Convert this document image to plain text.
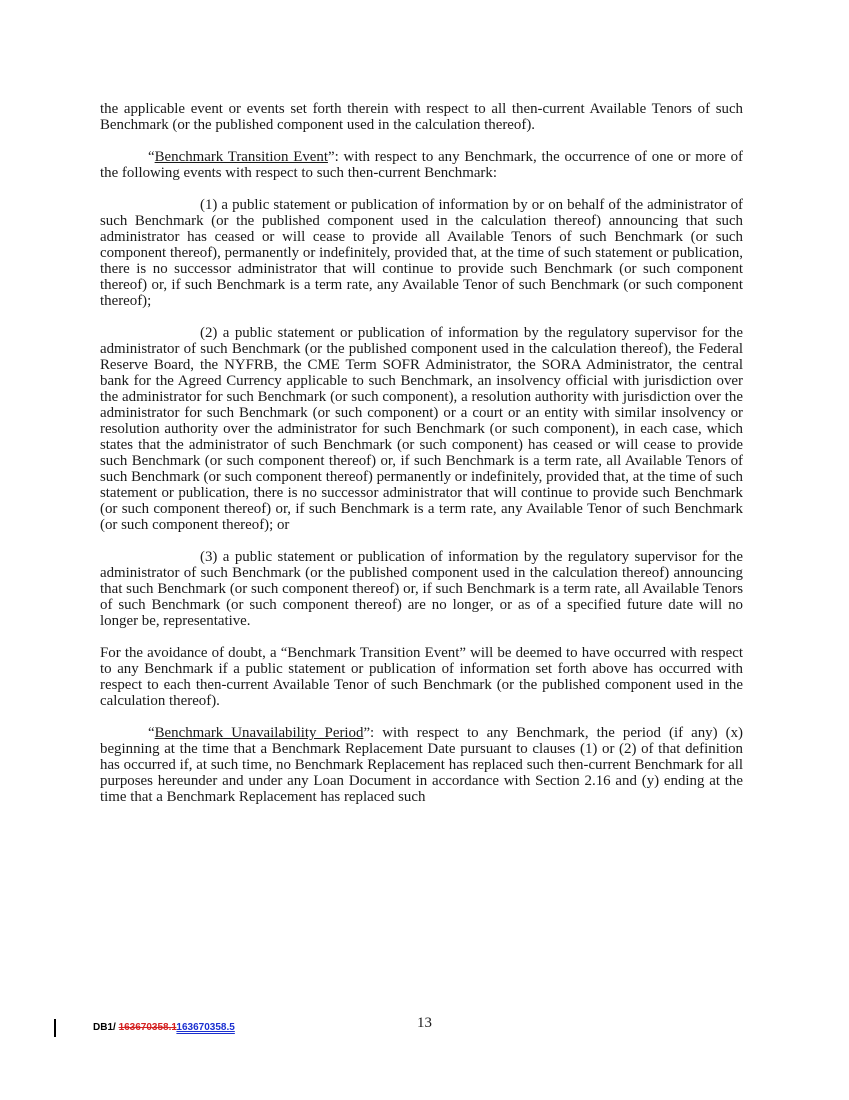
the applicable event or events set forth therein with respect to all then-current Available Tenors of such Benchmark (or the published component used in the calculation thereof).

“Benchmark Transition Event”: with respect to any Benchmark, the occurrence of one or more of the following events with respect to such then-current Benchmark:

(1) a public statement or publication of information by or on behalf of the administrator of such Benchmark (or the published component used in the calculation thereof) announcing that such administrator has ceased or will cease to provide all Available Tenors of such Benchmark (or such component thereof), permanently or indefinitely, provided that, at the time of such statement or publication, there is no successor administrator that will continue to provide such Benchmark (or such component thereof) or, if such Benchmark is a term rate, any Available Tenor of such Benchmark (or such component thereof);

(2) a public statement or publication of information by the regulatory supervisor for the administrator of such Benchmark (or the published component used in the calculation thereof), the Federal Reserve Board, the NYFRB, the CME Term SOFR Administrator, the SORA Administrator, the central bank for the Agreed Currency applicable to such Benchmark, an insolvency official with jurisdiction over the administrator for such Benchmark (or such component), a resolution authority with jurisdiction over the administrator for such Benchmark (or such component) or a court or an entity with similar insolvency or resolution authority over the administrator for such Benchmark (or such component), in each case, which states that the administrator of such Benchmark (or such component) has ceased or will cease to provide such Benchmark (or such component thereof) or, if such Benchmark is a term rate, all Available Tenors of such Benchmark (or such component thereof) permanently or indefinitely, provided that, at the time of such statement or publication, there is no successor administrator that will continue to provide such Benchmark (or such component thereof) or, if such Benchmark is a term rate, any Available Tenor of such Benchmark (or such component thereof); or

(3) a public statement or publication of information by the regulatory supervisor for the administrator of such Benchmark (or the published component used in the calculation thereof) announcing that such Benchmark (or such component thereof) or, if such Benchmark is a term rate, all Available Tenors of such Benchmark (or such component thereof) are no longer, or as of a specified future date will no longer be, representative.

For the avoidance of doubt, a “Benchmark Transition Event” will be deemed to have occurred with respect to any Benchmark if a public statement or publication of information set forth above has occurred with respect to each then-current Available Tenor of such Benchmark (or the published component used in the calculation thereof).

“Benchmark Unavailability Period”: with respect to any Benchmark, the period (if any) (x) beginning at the time that a Benchmark Replacement Date pursuant to clauses (1) or (2) of that definition has occurred if, at such time, no Benchmark Replacement has replaced such then-current Benchmark for all purposes hereunder and under any Loan Document in accordance with Section 2.16 and (y) ending at the time that a Benchmark Replacement has replaced such

13
DB1/ 163670358.1163670358.5
